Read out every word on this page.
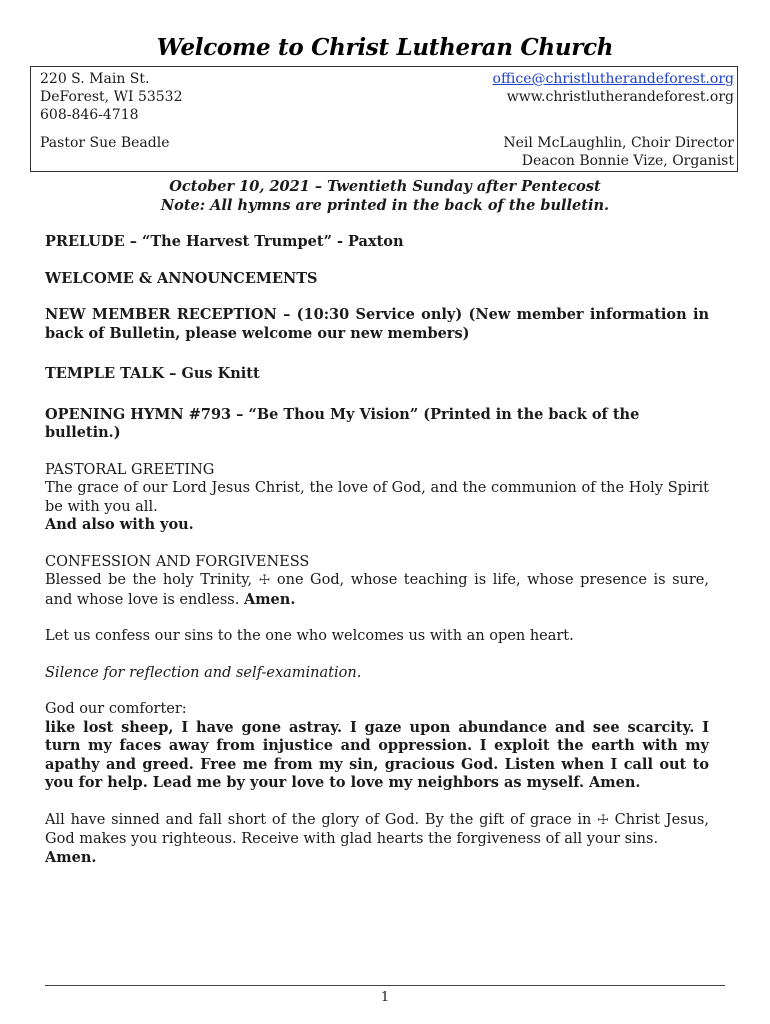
Welcome to Christ Lutheran Church
220 S. Main St.
DeForest, WI 53532
608-846-4718
office@christlutherandeforest.org
www.christlutherandeforest.org
Pastor Sue Beadle	Neil McLaughlin, Choir Director
Deacon Bonnie Vize, Organist
October 10, 2021 – Twentieth Sunday after Pentecost
Note: All hymns are printed in the back of the bulletin.

PRELUDE – “The Harvest Trumpet” - Paxton

WELCOME & ANNOUNCEMENTS

NEW MEMBER RECEPTION – (10:30 Service only) (New member information in back of Bulletin, please welcome our new members)

TEMPLE TALK – Gus Knitt

OPENING HYMN #793 – “Be Thou My Vision” (Printed in the back of the bulletin.)

PASTORAL GREETING

The grace of our Lord Jesus Christ, the love of God, and the communion of the Holy Spirit be with you all.

And also with you.

CONFESSION AND FORGIVENESS

Blessed be the holy Trinity, ☩ one God, whose teaching is life, whose presence is sure, and whose love is endless. Amen.

Let us confess our sins to the one who welcomes us with an open heart.

Silence for reflection and self-examination.

God our comforter:

like lost sheep, I have gone astray. I gaze upon abundance and see scarcity. I turn my faces away from injustice and oppression. I exploit the earth with my apathy and greed. Free me from my sin, gracious God. Listen when I call out to you for help. Lead me by your love to love my neighbors as myself. Amen.

All have sinned and fall short of the glory of God. By the gift of grace in ☩ Christ Jesus, God makes you righteous. Receive with glad hearts the forgiveness of all your sins.

Amen.

1
